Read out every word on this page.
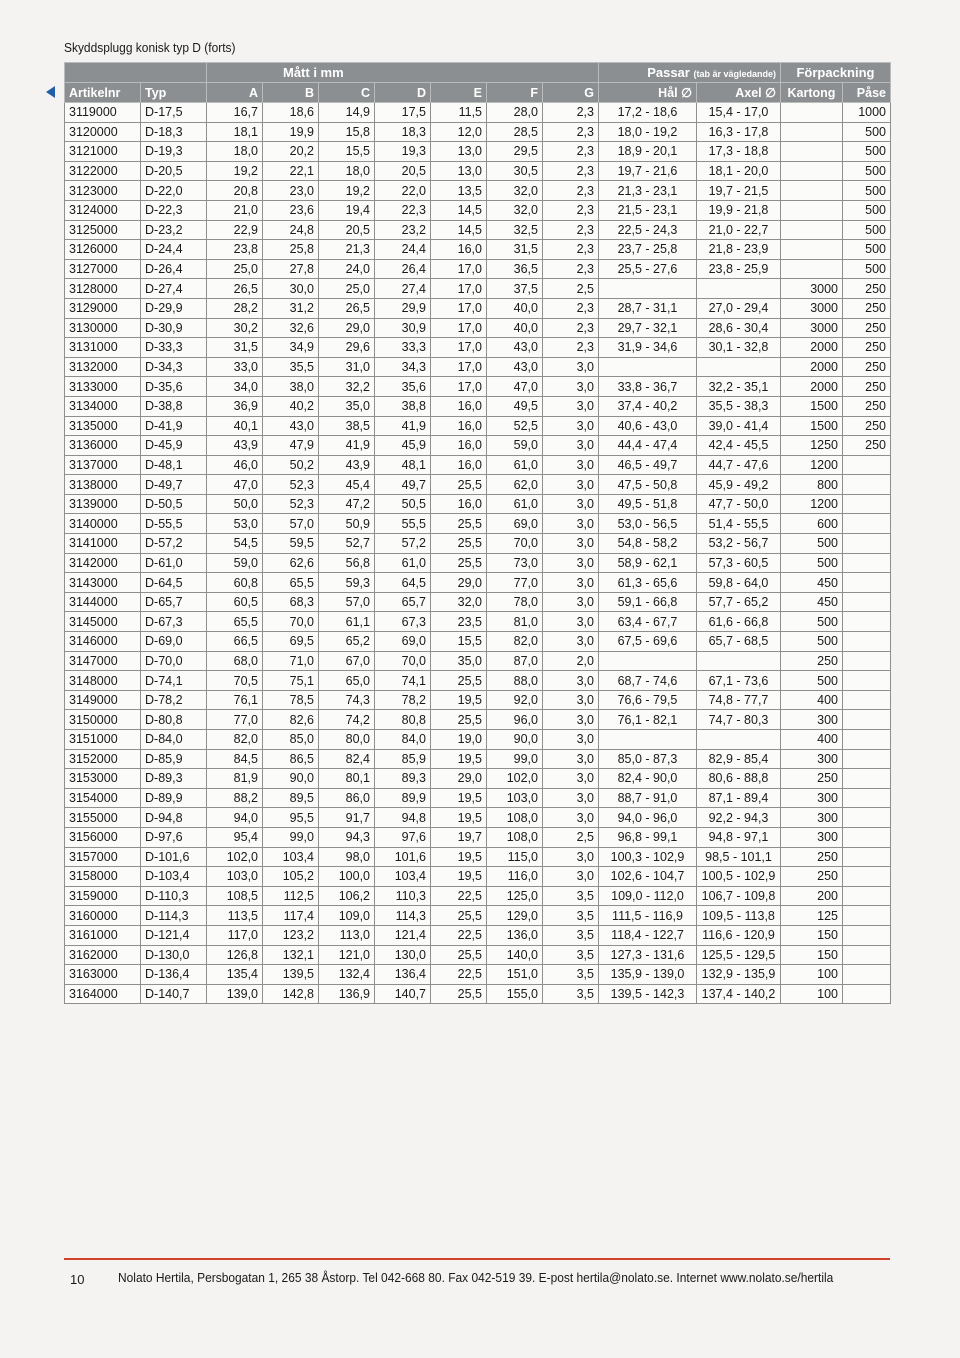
Skyddsplugg konisk typ D (forts)
		Mått i mm							Passar (tab är vägledande)		Förpackning	
Artikelnr	Typ	A	B	C	D	E	F	G	Hål ∅	Axel ∅	Kartong	Påse
3119000	D-17,5	16,7	18,6	14,9	17,5	11,5	28,0	2,3	17,2 - 18,6	15,4 - 17,0		1000
3120000	D-18,3	18,1	19,9	15,8	18,3	12,0	28,5	2,3	18,0 - 19,2	16,3 - 17,8		500
3121000	D-19,3	18,0	20,2	15,5	19,3	13,0	29,5	2,3	18,9 - 20,1	17,3 - 18,8		500
3122000	D-20,5	19,2	22,1	18,0	20,5	13,0	30,5	2,3	19,7 - 21,6	18,1 - 20,0		500
3123000	D-22,0	20,8	23,0	19,2	22,0	13,5	32,0	2,3	21,3 - 23,1	19,7 - 21,5		500
3124000	D-22,3	21,0	23,6	19,4	22,3	14,5	32,0	2,3	21,5 - 23,1	19,9 - 21,8		500
3125000	D-23,2	22,9	24,8	20,5	23,2	14,5	32,5	2,3	22,5 - 24,3	21,0 - 22,7		500
3126000	D-24,4	23,8	25,8	21,3	24,4	16,0	31,5	2,3	23,7 - 25,8	21,8 - 23,9		500
3127000	D-26,4	25,0	27,8	24,0	26,4	17,0	36,5	2,3	25,5 - 27,6	23,8 - 25,9		500
3128000	D-27,4	26,5	30,0	25,0	27,4	17,0	37,5	2,5			3000	250
3129000	D-29,9	28,2	31,2	26,5	29,9	17,0	40,0	2,3	28,7 - 31,1	27,0 - 29,4	3000	250
3130000	D-30,9	30,2	32,6	29,0	30,9	17,0	40,0	2,3	29,7 - 32,1	28,6 - 30,4	3000	250
3131000	D-33,3	31,5	34,9	29,6	33,3	17,0	43,0	2,3	31,9 - 34,6	30,1 - 32,8	2000	250
3132000	D-34,3	33,0	35,5	31,0	34,3	17,0	43,0	3,0			2000	250
3133000	D-35,6	34,0	38,0	32,2	35,6	17,0	47,0	3,0	33,8 - 36,7	32,2 - 35,1	2000	250
3134000	D-38,8	36,9	40,2	35,0	38,8	16,0	49,5	3,0	37,4 - 40,2	35,5 - 38,3	1500	250
3135000	D-41,9	40,1	43,0	38,5	41,9	16,0	52,5	3,0	40,6 - 43,0	39,0 - 41,4	1500	250
3136000	D-45,9	43,9	47,9	41,9	45,9	16,0	59,0	3,0	44,4 - 47,4	42,4 - 45,5	1250	250
3137000	D-48,1	46,0	50,2	43,9	48,1	16,0	61,0	3,0	46,5 - 49,7	44,7 - 47,6	1200	
3138000	D-49,7	47,0	52,3	45,4	49,7	25,5	62,0	3,0	47,5 - 50,8	45,9 - 49,2	800	
3139000	D-50,5	50,0	52,3	47,2	50,5	16,0	61,0	3,0	49,5 - 51,8	47,7 - 50,0	1200	
3140000	D-55,5	53,0	57,0	50,9	55,5	25,5	69,0	3,0	53,0 - 56,5	51,4 - 55,5	600	
3141000	D-57,2	54,5	59,5	52,7	57,2	25,5	70,0	3,0	54,8 - 58,2	53,2 - 56,7	500	
3142000	D-61,0	59,0	62,6	56,8	61,0	25,5	73,0	3,0	58,9 - 62,1	57,3 - 60,5	500	
3143000	D-64,5	60,8	65,5	59,3	64,5	29,0	77,0	3,0	61,3 - 65,6	59,8 - 64,0	450	
3144000	D-65,7	60,5	68,3	57,0	65,7	32,0	78,0	3,0	59,1 - 66,8	57,7 - 65,2	450	
3145000	D-67,3	65,5	70,0	61,1	67,3	23,5	81,0	3,0	63,4 - 67,7	61,6 - 66,8	500	
3146000	D-69,0	66,5	69,5	65,2	69,0	15,5	82,0	3,0	67,5 - 69,6	65,7 - 68,5	500	
3147000	D-70,0	68,0	71,0	67,0	70,0	35,0	87,0	2,0			250	
3148000	D-74,1	70,5	75,1	65,0	74,1	25,5	88,0	3,0	68,7 - 74,6	67,1 - 73,6	500	
3149000	D-78,2	76,1	78,5	74,3	78,2	19,5	92,0	3,0	76,6 - 79,5	74,8 - 77,7	400	
3150000	D-80,8	77,0	82,6	74,2	80,8	25,5	96,0	3,0	76,1 - 82,1	74,7 - 80,3	300	
3151000	D-84,0	82,0	85,0	80,0	84,0	19,0	90,0	3,0			400	
3152000	D-85,9	84,5	86,5	82,4	85,9	19,5	99,0	3,0	85,0 - 87,3	82,9 - 85,4	300	
3153000	D-89,3	81,9	90,0	80,1	89,3	29,0	102,0	3,0	82,4 - 90,0	80,6 - 88,8	250	
3154000	D-89,9	88,2	89,5	86,0	89,9	19,5	103,0	3,0	88,7 - 91,0	87,1 - 89,4	300	
3155000	D-94,8	94,0	95,5	91,7	94,8	19,5	108,0	3,0	94,0 - 96,0	92,2 - 94,3	300	
3156000	D-97,6	95,4	99,0	94,3	97,6	19,7	108,0	2,5	96,8 - 99,1	94,8 - 97,1	300	
3157000	D-101,6	102,0	103,4	98,0	101,6	19,5	115,0	3,0	100,3 - 102,9	98,5 - 101,1	250	
3158000	D-103,4	103,0	105,2	100,0	103,4	19,5	116,0	3,0	102,6 - 104,7	100,5 - 102,9	250	
3159000	D-110,3	108,5	112,5	106,2	110,3	22,5	125,0	3,5	109,0 - 112,0	106,7 - 109,8	200	
3160000	D-114,3	113,5	117,4	109,0	114,3	25,5	129,0	3,5	111,5 - 116,9	109,5 - 113,8	125	
3161000	D-121,4	117,0	123,2	113,0	121,4	22,5	136,0	3,5	118,4 - 122,7	116,6 - 120,9	150	
3162000	D-130,0	126,8	132,1	121,0	130,0	25,5	140,0	3,5	127,3 - 131,6	125,5 - 129,5	150	
3163000	D-136,4	135,4	139,5	132,4	136,4	22,5	151,0	3,5	135,9 - 139,0	132,9 - 135,9	100	
3164000	D-140,7	139,0	142,8	136,9	140,7	25,5	155,0	3,5	139,5 - 142,3	137,4 - 140,2	100	
10	Nolato Hertila, Persbogatan 1, 265 38 Åstorp. Tel 042-668 80. Fax 042-519 39. E-post hertila@nolato.se. Internet www.nolato.se/hertila
